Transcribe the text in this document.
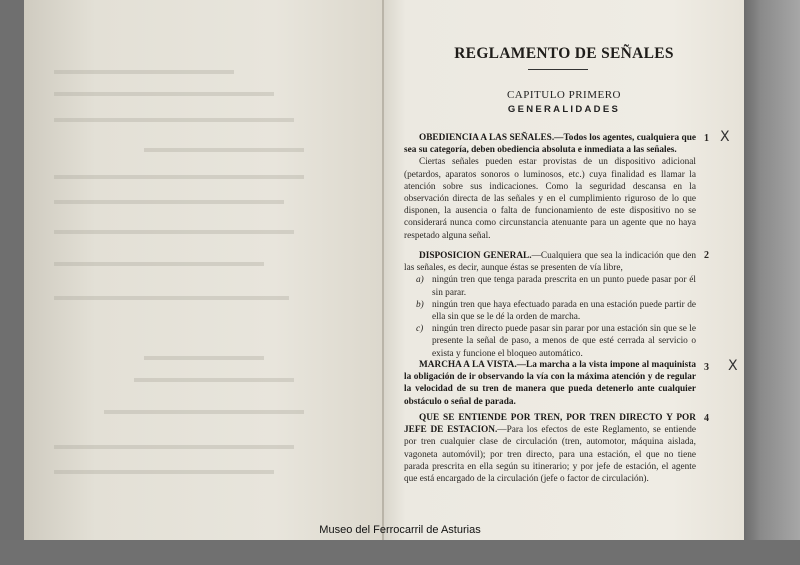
REGLAMENTO DE SEÑALES
CAPITULO PRIMERO
GENERALIDADES

OBEDIENCIA A LAS SEÑALES.—Todos los agentes, cualquiera que sea su categoría, deben obediencia absoluta e inmediata a las señales.

Ciertas señales pueden estar provistas de un dispositivo adicional (petardos, aparatos sonoros o luminosos, etc.) cuya finalidad es llamar la atención sobre sus indicaciones. Como la seguridad descansa en la observación directa de las señales y en el cumplimiento riguroso de lo que disponen, la ausencia o falta de funcionamiento de este dispositivo no se considerará nunca como circunstancia atenuante para un agente que no haya respetado alguna señal.

1 X

DISPOSICION GENERAL.—Cualquiera que sea la indicación que den las señales, es decir, aunque éstas se presenten de vía libre,

a) ningún tren que tenga parada prescrita en un punto puede pasar por él sin parar.
b) ningún tren que haya efectuado parada en una estación puede partir de ella sin que se le dé la orden de marcha.
c) ningún tren directo puede pasar sin parar por una estación sin que se le presente la señal de paso, a menos de que esté cerrada al servicio o exista y funcione el bloqueo automático.
2

MARCHA A LA VISTA.—La marcha a la vista impone al maquinista la obligación de ir observando la vía con la máxima atención y de regular la velocidad de su tren de manera que pueda detenerlo ante cualquier obstáculo o señal de parada.

3 X

QUE SE ENTIENDE POR TREN, POR TREN DIRECTO Y POR JEFE DE ESTACION.—Para los efectos de este Reglamento, se entiende por tren cualquier clase de circulación (tren, automotor, máquina aislada, vagoneta automóvil); por tren directo, para una estación, el que no tiene parada prescrita en ella según su itinerario; y por jefe de estación, el agente que está encargado de la circulación (jefe o factor de circulación).

4
Museo del Ferrocarril de Asturias
